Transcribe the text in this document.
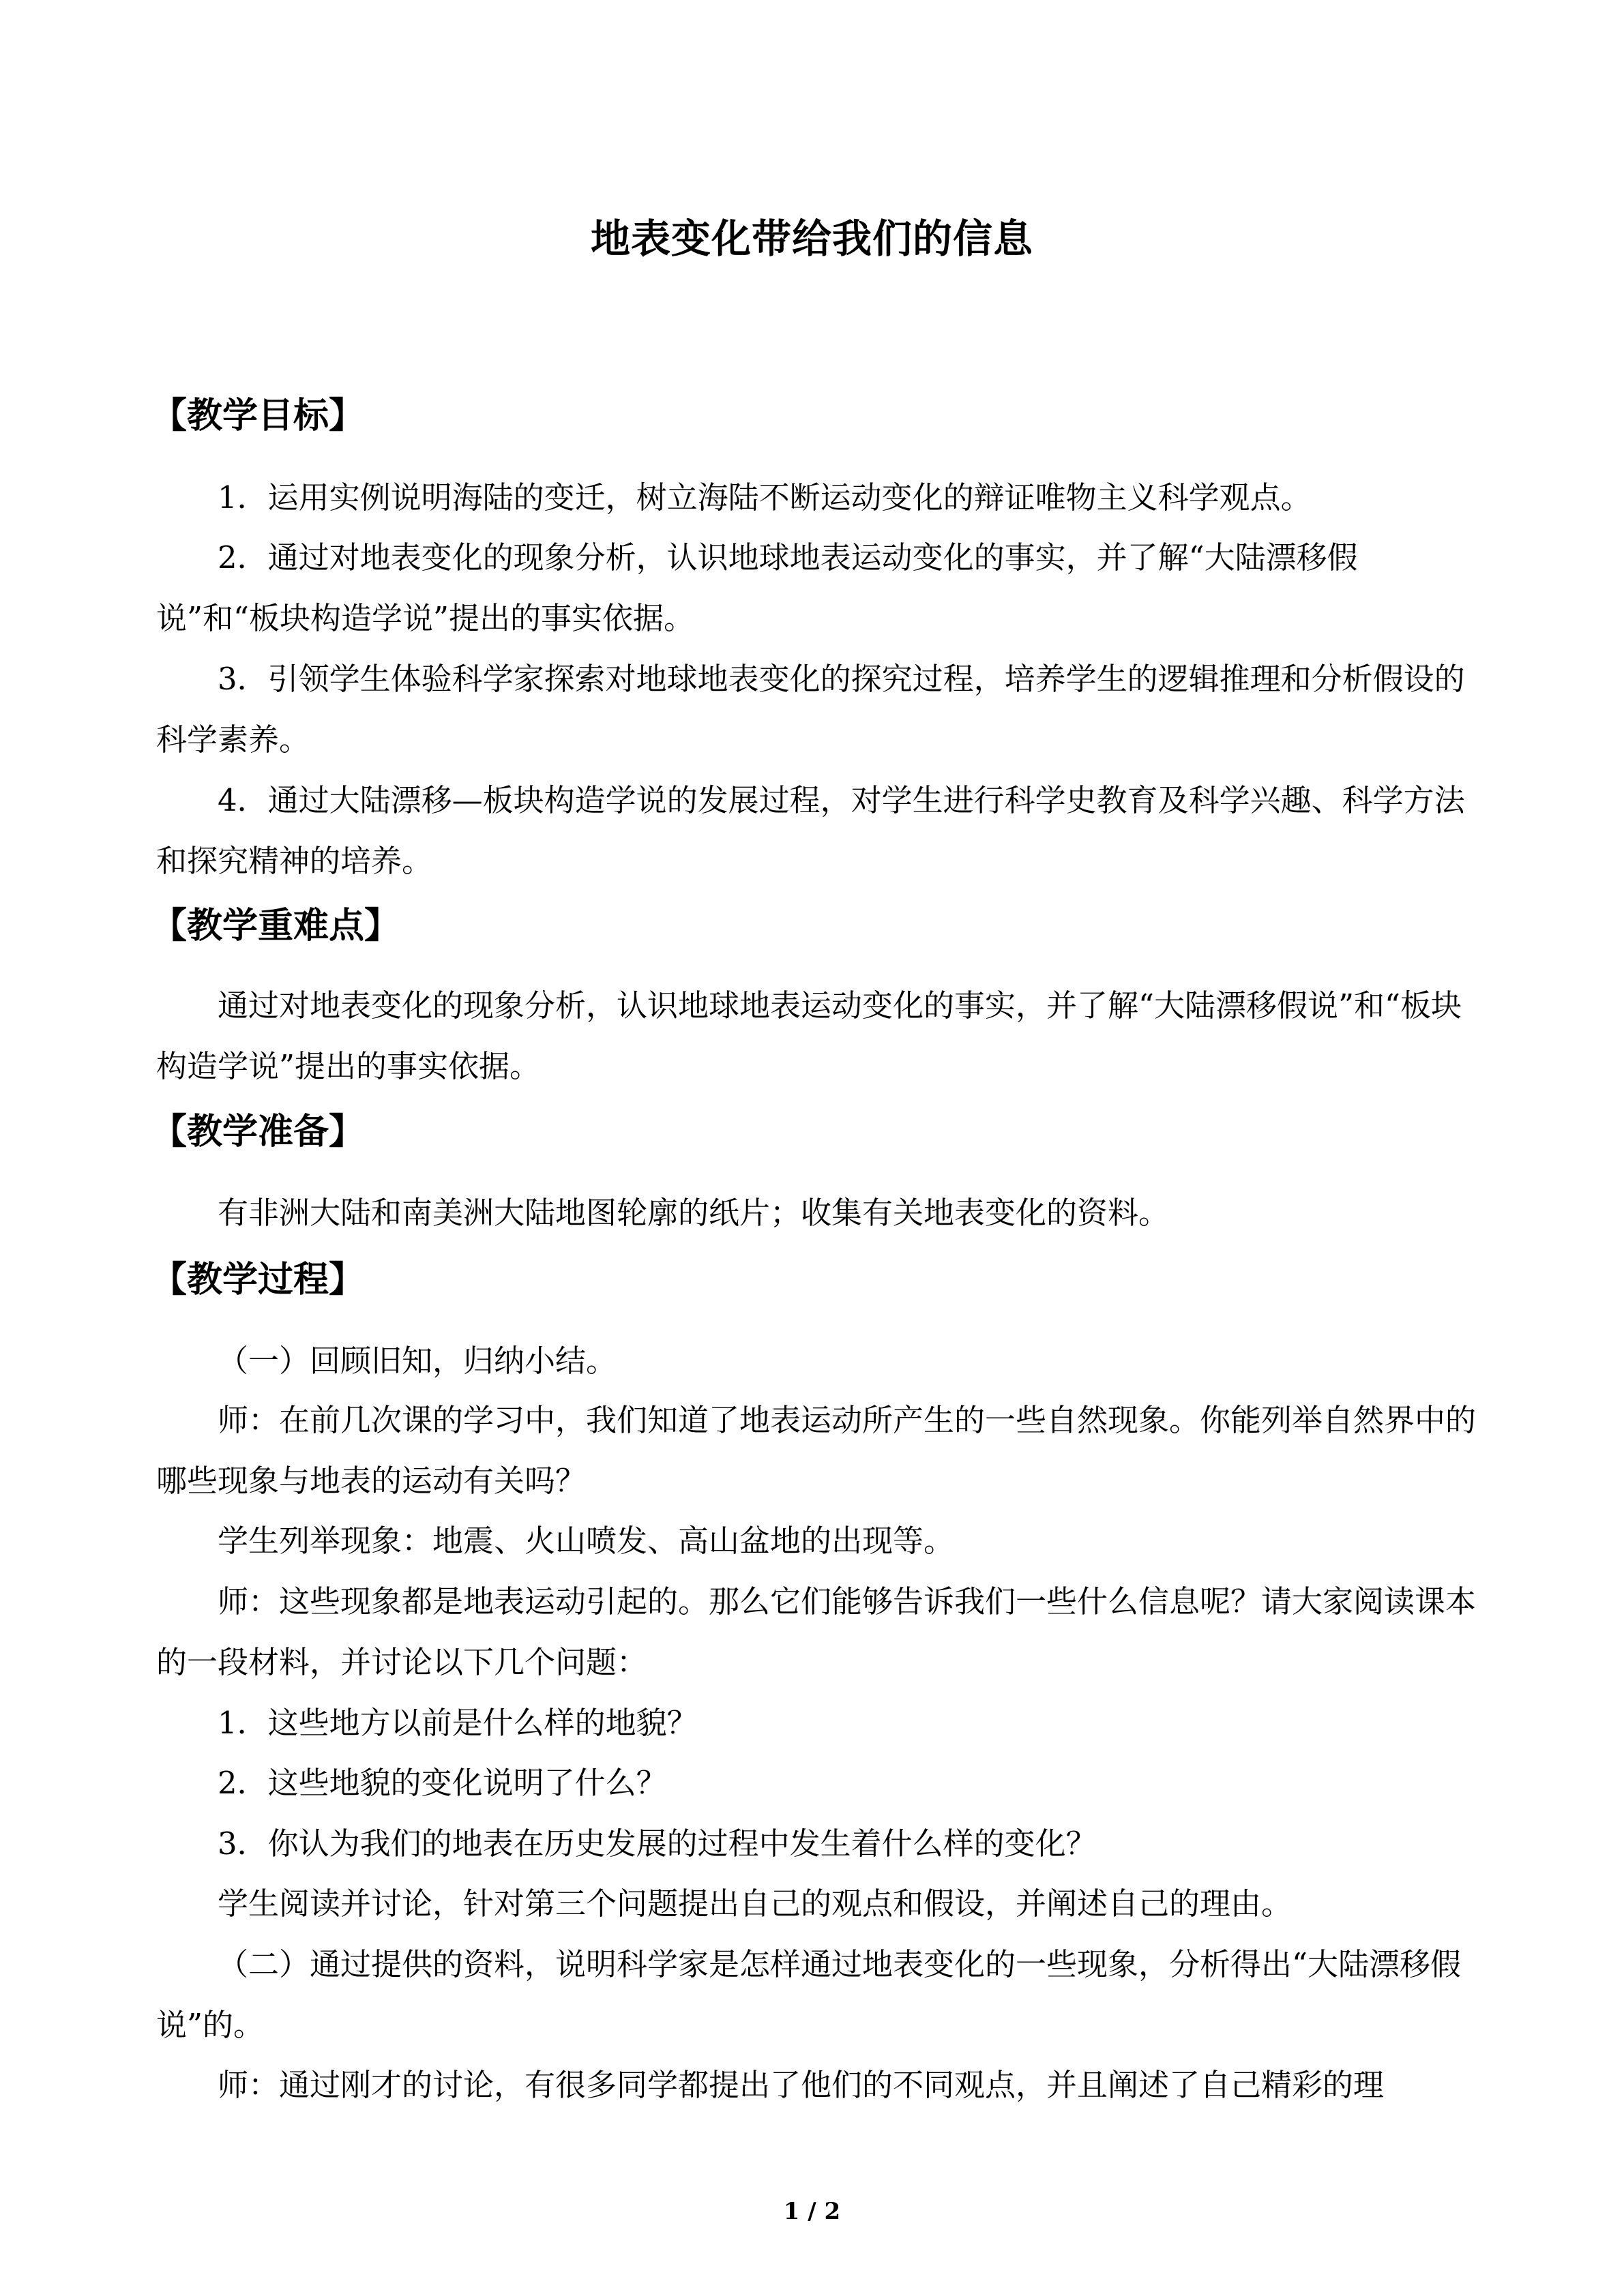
地表变化带给我们的信息
【教学目标】

1．运用实例说明海陆的变迁，树立海陆不断运动变化的辩证唯物主义科学观点。

2．通过对地表变化的现象分析，认识地球地表运动变化的事实，并了解“大陆漂移假说”和“板块构造学说”提出的事实依据。

3．引领学生体验科学家探索对地球地表变化的探究过程，培养学生的逻辑推理和分析假设的科学素养。

4．通过大陆漂移—板块构造学说的发展过程，对学生进行科学史教育及科学兴趣、科学方法和探究精神的培养。

【教学重难点】

通过对地表变化的现象分析，认识地球地表运动变化的事实，并了解“大陆漂移假说”和“板块构造学说”提出的事实依据。

【教学准备】

有非洲大陆和南美洲大陆地图轮廓的纸片；收集有关地表变化的资料。

【教学过程】

（一）回顾旧知，归纳小结。

师：在前几次课的学习中，我们知道了地表运动所产生的一些自然现象。你能列举自然界中的哪些现象与地表的运动有关吗？

学生列举现象：地震、火山喷发、高山盆地的出现等。

师：这些现象都是地表运动引起的。那么它们能够告诉我们一些什么信息呢？请大家阅读课本的一段材料，并讨论以下几个问题：

1．这些地方以前是什么样的地貌？

2．这些地貌的变化说明了什么？

3．你认为我们的地表在历史发展的过程中发生着什么样的变化？

学生阅读并讨论，针对第三个问题提出自己的观点和假设，并阐述自己的理由。

（二）通过提供的资料，说明科学家是怎样通过地表变化的一些现象，分析得出“大陆漂移假说”的。

师：通过刚才的讨论，有很多同学都提出了他们的不同观点，并且阐述了自己精彩的理

1 / 2
